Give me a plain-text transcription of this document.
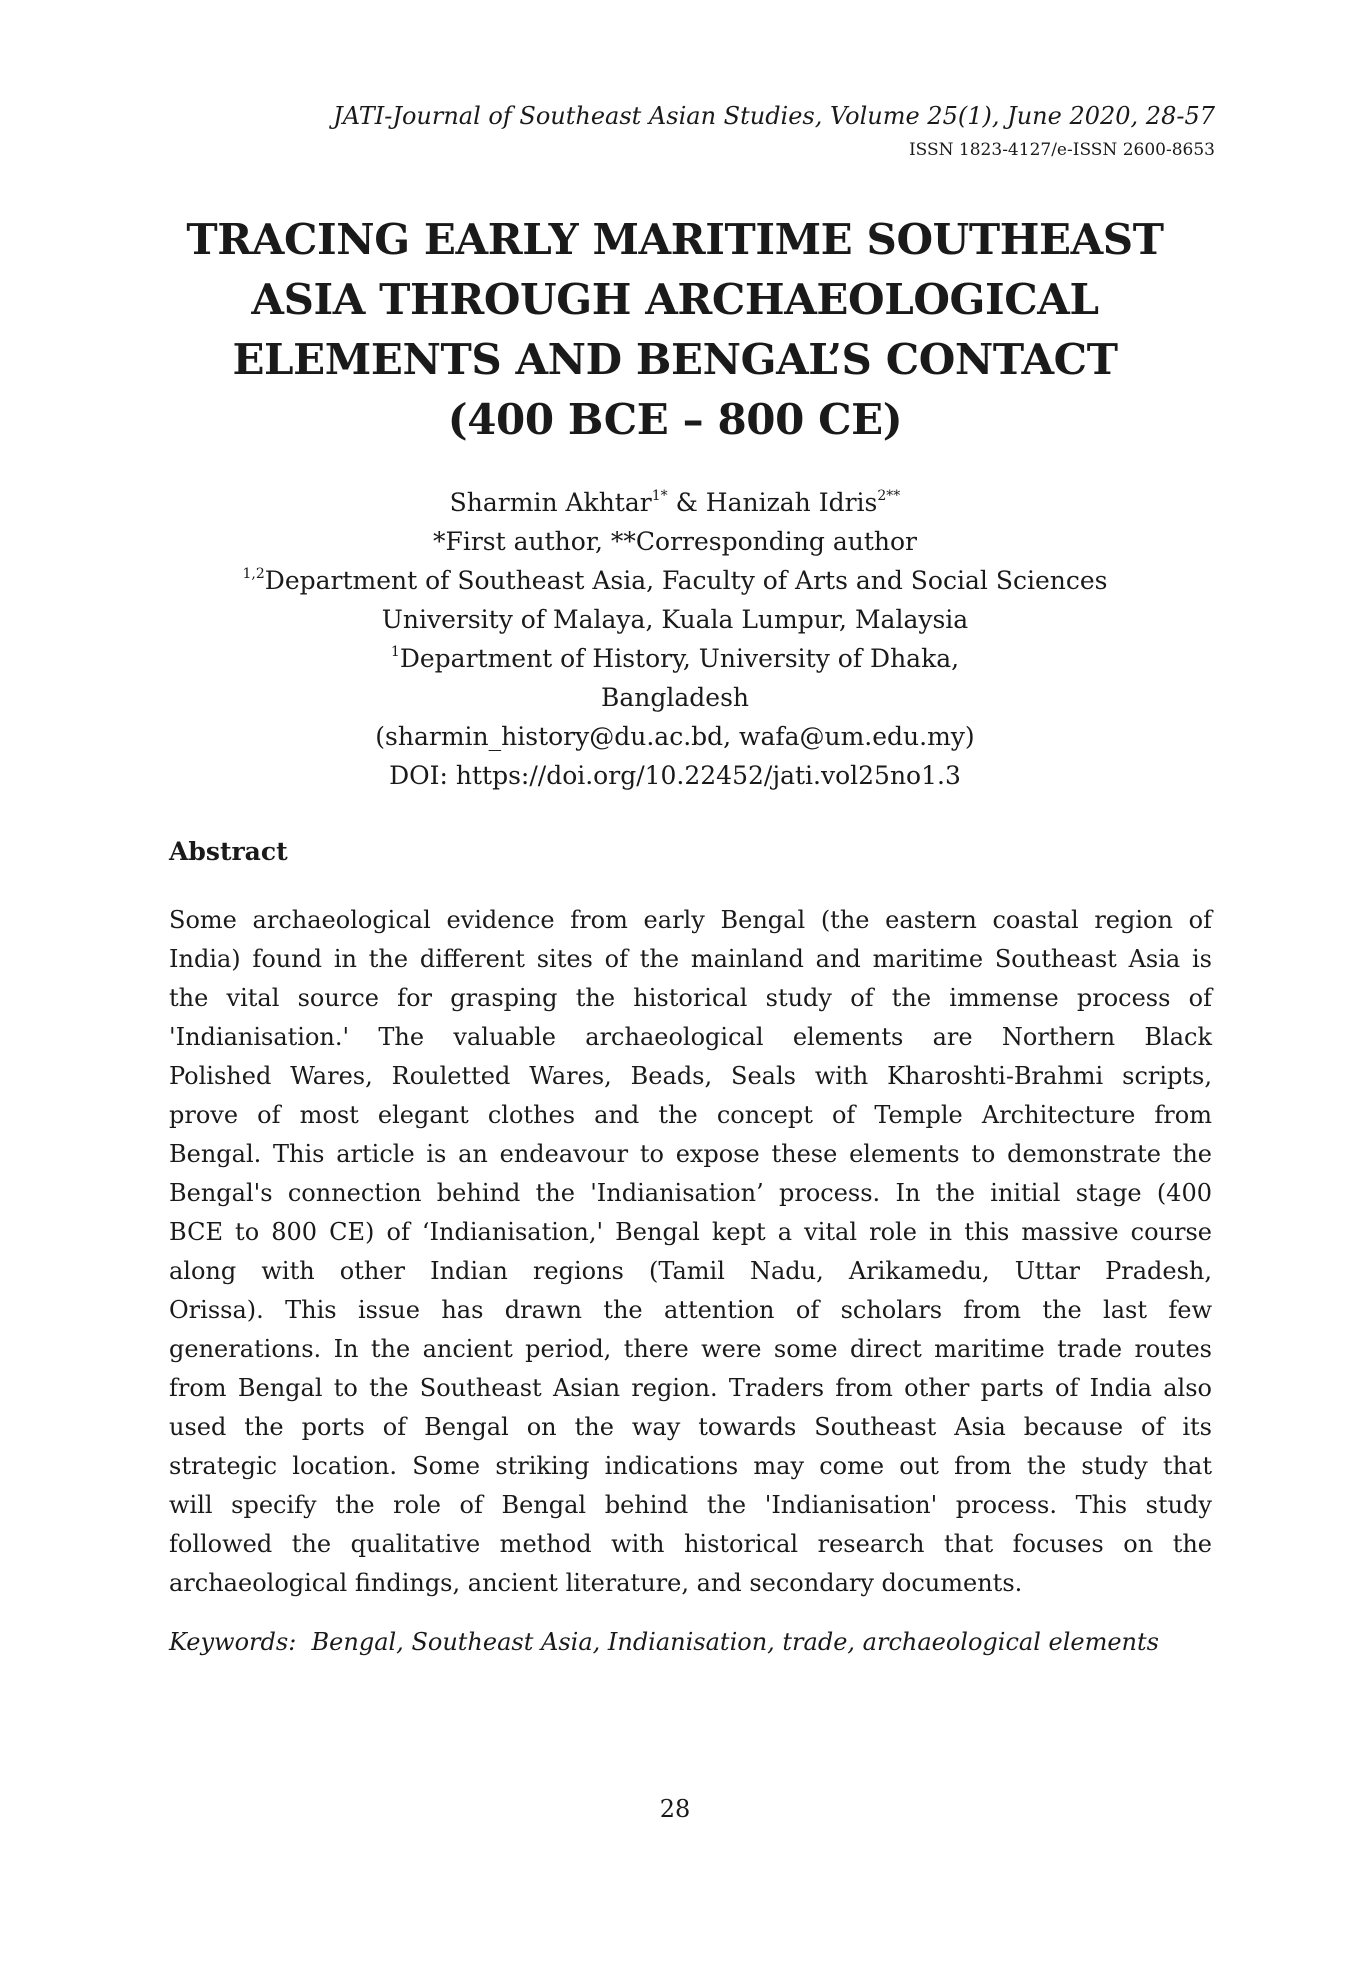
JATI-Journal of Southeast Asian Studies, Volume 25(1), June 2020, 28-57
ISSN 1823-4127/e-ISSN 2600-8653
TRACING EARLY MARITIME SOUTHEAST
ASIA THROUGH ARCHAEOLOGICAL
ELEMENTS AND BENGAL’S CONTACT
(400 BCE – 800 CE)
Sharmin Akhtar$^{1*}$ & Hanizah Idris$^{2**}$
*First author, **Corresponding author
$^{1,2}$Department of Southeast Asia, Faculty of Arts and Social Sciences
University of Malaya, Kuala Lumpur, Malaysia
$^1$Department of History, University of Dhaka,
Bangladesh
(sharmin_history@du.ac.bd, wafa@um.edu.my)
DOI: https://doi.org/10.22452/jati.vol25no1.3
Abstract
Some archaeological evidence from early Bengal (the eastern coastal region of
India) found in the different sites of the mainland and maritime Southeast Asia is
the vital source for grasping the historical study of the immense process of
'Indianisation.' The valuable archaeological elements are Northern Black
Polished Wares, Rouletted Wares, Beads, Seals with Kharoshti-Brahmi scripts,
prove of most elegant clothes and the concept of Temple Architecture from
Bengal. This article is an endeavour to expose these elements to demonstrate the
Bengal's connection behind the 'Indianisation’ process. In the initial stage (400
BCE to 800 CE) of ‘Indianisation,' Bengal kept a vital role in this massive course
along with other Indian regions (Tamil Nadu, Arikamedu, Uttar Pradesh,
Orissa). This issue has drawn the attention of scholars from the last few
generations. In the ancient period, there were some direct maritime trade routes
from Bengal to the Southeast Asian region. Traders from other parts of India also
used the ports of Bengal on the way towards Southeast Asia because of its
strategic location. Some striking indications may come out from the study that
will specify the role of Bengal behind the 'Indianisation' process. This study
followed the qualitative method with historical research that focuses on the
archaeological findings, ancient literature, and secondary documents.
Keywords:  Bengal, Southeast Asia, Indianisation, trade, archaeological elements
28
